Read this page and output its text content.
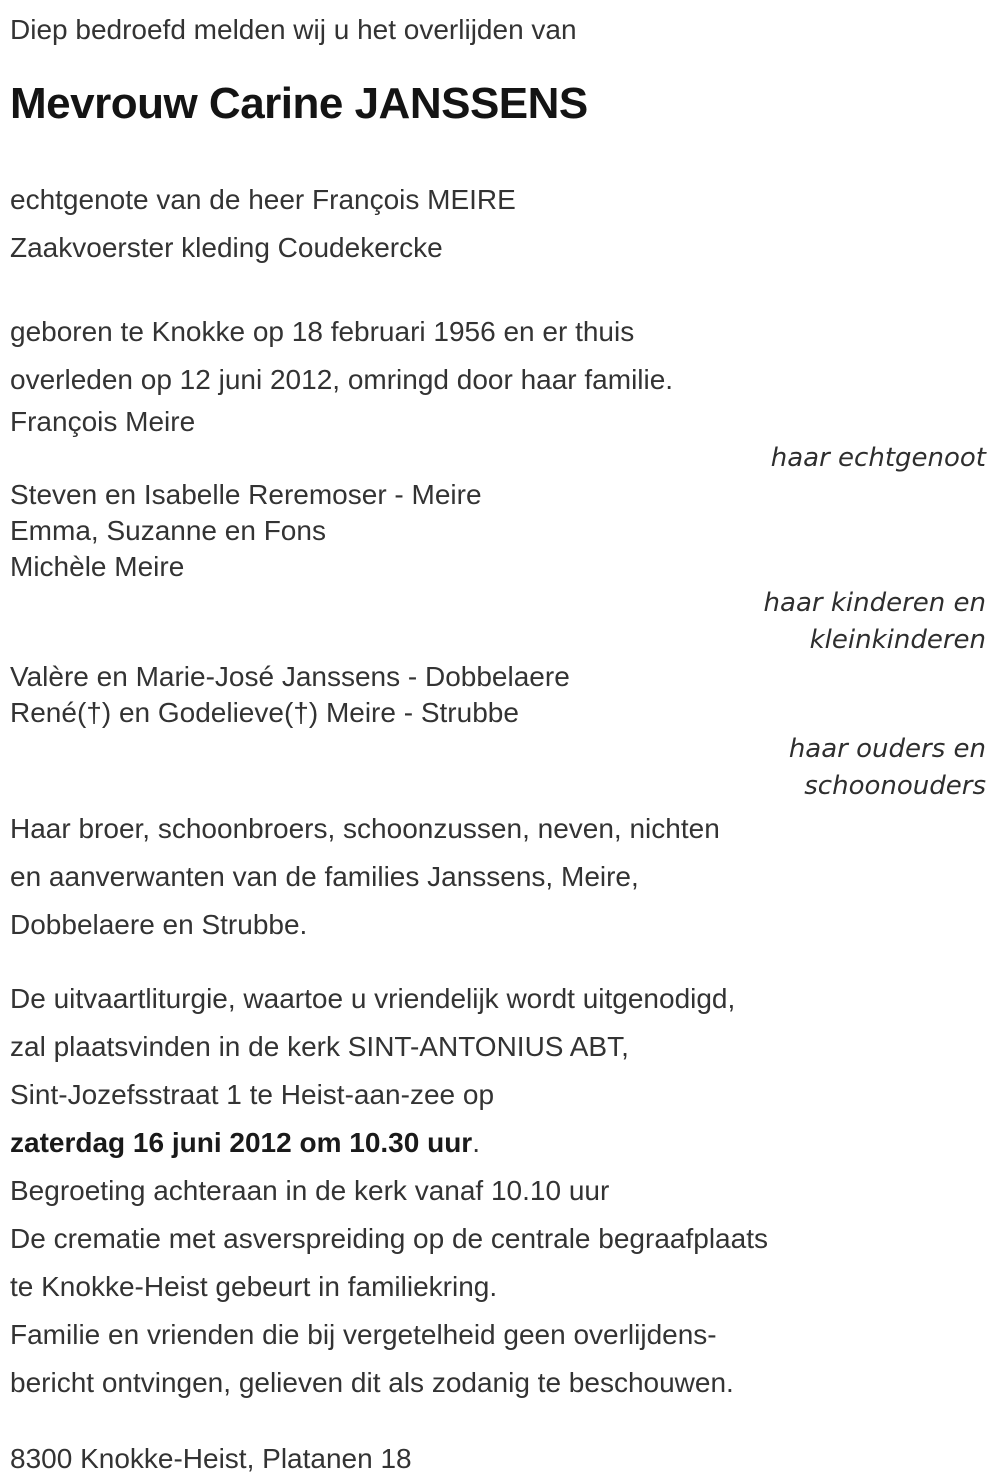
Diep bedroefd melden wij u het overlijden van
Mevrouw Carine JANSSENS
echtgenote van de heer François MEIRE
Zaakvoerster kleding Coudekercke
geboren te Knokke op 18 februari 1956 en er thuis
overleden op 12 juni 2012, omringd door haar familie.
François Meire
haar echtgenoot
Steven en Isabelle Reremoser - Meire
Emma, Suzanne en Fons
Michèle Meire
haar kinderen en
kleinkinderen
Valère en Marie-José Janssens - Dobbelaere
René(†) en Godelieve(†) Meire - Strubbe
haar ouders en
schoonouders
Haar broer, schoonbroers, schoonzussen, neven, nichten
en aanverwanten van de families Janssens, Meire,
Dobbelaere en Strubbe.
De uitvaartliturgie, waartoe u vriendelijk wordt uitgenodigd,
zal plaatsvinden in de kerk SINT-ANTONIUS ABT,
Sint-Jozefsstraat 1 te Heist-aan-zee op
zaterdag 16 juni 2012 om 10.30 uur.
Begroeting achteraan in de kerk vanaf 10.10 uur
De crematie met asverspreiding op de centrale begraafplaats
te Knokke-Heist gebeurt in familiekring.
Familie en vrienden die bij vergetelheid geen overlijdens-
bericht ontvingen, gelieven dit als zodanig te beschouwen.
8300 Knokke-Heist, Platanen 18
